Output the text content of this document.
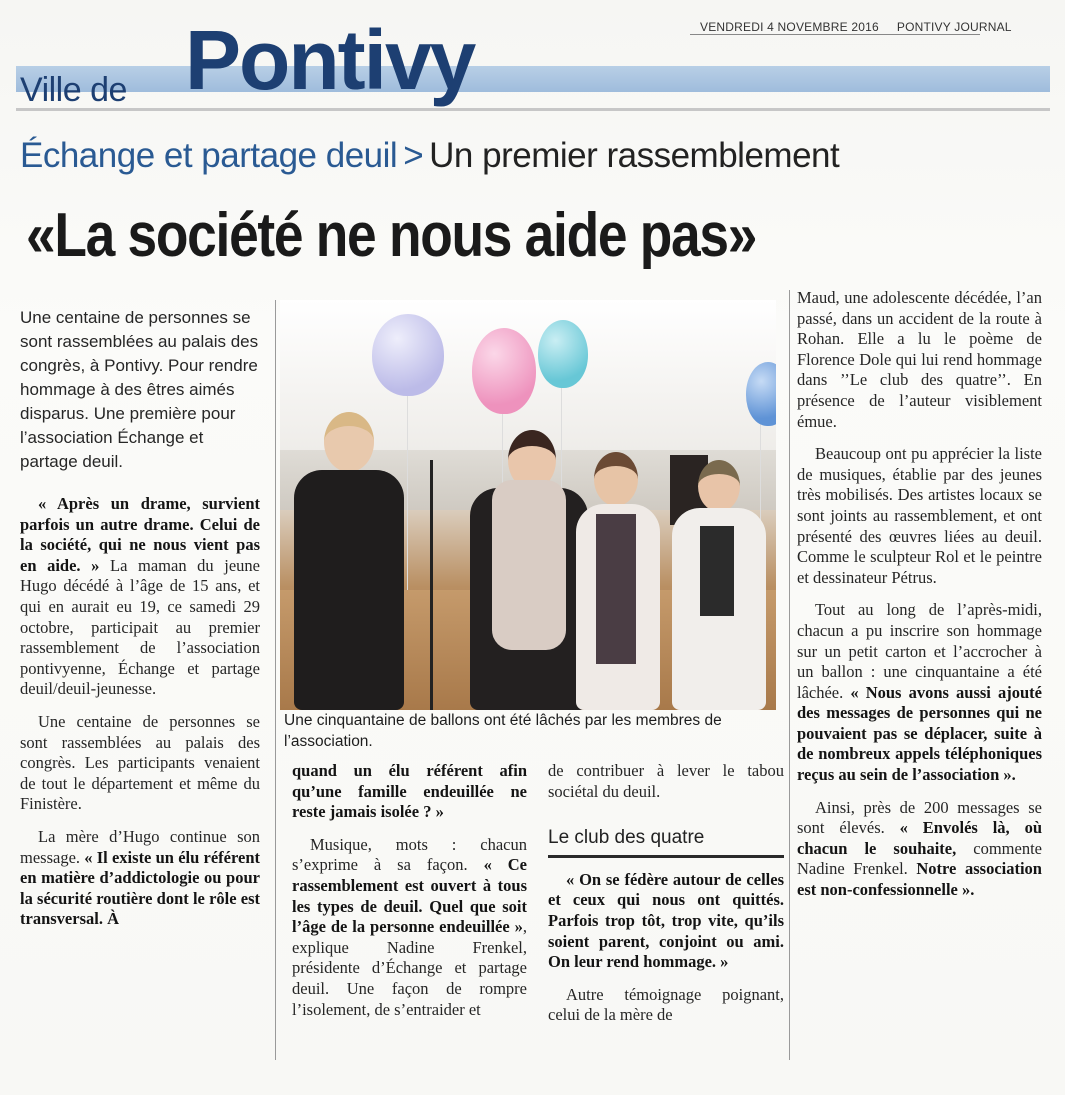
VENDREDI 4 NOVEMBRE 2016 PONTIVY JOURNAL
Ville de Pontivy
Échange et partage deuil > Un premier rassemblement
«La société ne nous aide pas»

Une centaine de personnes se sont rassemblées au palais des congrès, à Pontivy. Pour rendre hommage à des êtres aimés disparus. Une première pour l’association Échange et partage deuil.

« Après un drame, survient parfois un autre drame. Celui de la société, qui ne nous vient pas en aide. » La maman du jeune Hugo décédé à l’âge de 15 ans, et qui en aurait eu 19, ce samedi 29 octobre, participait au premier rassemblement de l’association pontivyenne, Échange et partage deuil/deuil-jeunesse.

Une centaine de personnes se sont rassemblées au palais des congrès. Les participants venaient de tout le département et même du Finistère.

La mère d’Hugo continue son message. « Il existe un élu référent en matière d’addictologie ou pour la sécurité routière dont le rôle est transversal. À

Une cinquantaine de ballons ont été lâchés par les membres de l’association.

quand un élu référent afin qu’une famille endeuillée ne reste jamais isolée ? »

Musique, mots : chacun s’exprime à sa façon. « Ce rassemblement est ouvert à tous les types de deuil. Quel que soit l’âge de la personne endeuillée », explique Nadine Frenkel, présidente d’Échange et partage deuil. Une façon de rompre l’isolement, de s’entraider et

de contribuer à lever le tabou sociétal du deuil.

Le club des quatre

« On se fédère autour de celles et ceux qui nous ont quittés. Parfois trop tôt, trop vite, qu’ils soient parent, conjoint ou ami. On leur rend hommage. »

Autre témoignage poignant, celui de la mère de

Maud, une adolescente décédée, l’an passé, dans un accident de la route à Rohan. Elle a lu le poème de Florence Dole qui lui rend hommage dans ’’Le club des quatre’’. En présence de l’auteur visiblement émue.

Beaucoup ont pu apprécier la liste de musiques, établie par des jeunes très mobilisés. Des artistes locaux se sont joints au rassemblement, et ont présenté des œuvres liées au deuil. Comme le sculpteur Rol et le peintre et dessinateur Pétrus.

Tout au long de l’après-midi, chacun a pu inscrire son hommage sur un petit carton et l’accrocher à un ballon : une cinquantaine a été lâchée. « Nous avons aussi ajouté des messages de personnes qui ne pouvaient pas se déplacer, suite à de nombreux appels téléphoniques reçus au sein de l’association ».

Ainsi, près de 200 messages se sont élevés. « Envolés là, où chacun le souhaite, commente Nadine Frenkel. Notre association est non-confessionnelle ».
